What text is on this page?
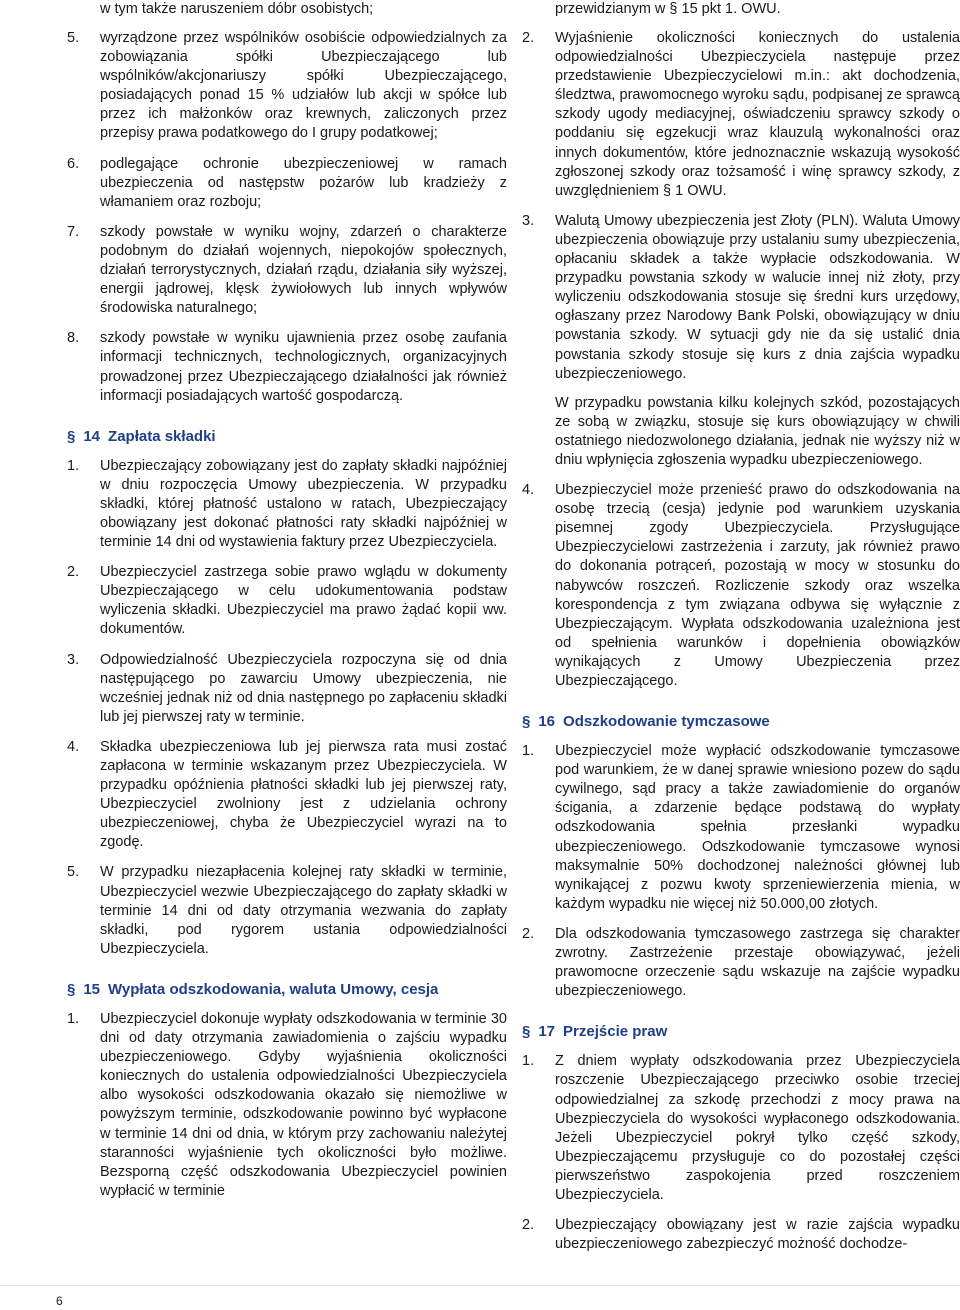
w tym także naruszeniem dóbr osobistych;

5.	wyrządzone przez wspólników osobiście odpowiedzialnych za zobowiązania spółki Ubezpieczającego lub wspólników/akcjonariuszy spółki Ubezpieczającego, posiadających ponad 15 % udziałów lub akcji w spółce lub przez ich małżonków oraz krewnych, zaliczonych przez przepisy prawa podatkowego do I grupy podatkowej;
6.	podlegające ochronie ubezpieczeniowej w ramach ubezpieczenia od następstw pożarów lub kradzieży z włamaniem oraz rozboju;
7.	szkody powstałe w wyniku wojny, zdarzeń o charakterze podobnym do działań wojennych, niepokojów społecznych, działań terrorystycznych, działań rządu, działania siły wyższej, energii jądrowej, klęsk żywiołowych lub innych wpływów środowiska naturalnego;
8.	szkody powstałe w wyniku ujawnienia przez osobę zaufania informacji technicznych, technologicznych, organizacyjnych prowadzonej przez Ubezpieczającego działalności jak również informacji posiadających wartość gospodarczą.
§ 14 Zapłata składki
1.	Ubezpieczający zobowiązany jest do zapłaty składki najpóźniej w dniu rozpoczęcia Umowy ubezpieczenia. W przypadku składki, której płatność ustalono w ratach, Ubezpieczający obowiązany jest dokonać płatności raty składki najpóźniej w terminie 14 dni od wystawienia faktury przez Ubezpieczyciela.
2.	Ubezpieczyciel zastrzega sobie prawo wglądu w dokumenty Ubezpieczającego w celu udokumentowania podstaw wyliczenia składki. Ubezpieczyciel ma prawo żądać kopii ww. dokumentów.
3.	Odpowiedzialność Ubezpieczyciela rozpoczyna się od dnia następującego po zawarciu Umowy ubezpieczenia, nie wcześniej jednak niż od dnia następnego po zapłaceniu składki lub jej pierwszej raty w terminie.
4.	Składka ubezpieczeniowa lub jej pierwsza rata musi zostać zapłacona w terminie wskazanym przez Ubezpieczyciela. W przypadku opóźnienia płatności składki lub jej pierwszej raty, Ubezpieczyciel zwolniony jest z udzielania ochrony ubezpieczeniowej, chyba że Ubezpieczyciel wyrazi na to zgodę.
5.	W przypadku niezapłacenia kolejnej raty składki w terminie, Ubezpieczyciel wezwie Ubezpieczającego do zapłaty składki w terminie 14 dni od daty otrzymania wezwania do zapłaty składki, pod rygorem ustania odpowiedzialności Ubezpieczyciela.
§ 15 Wypłata odszkodowania, waluta Umowy, cesja
1.	Ubezpieczyciel dokonuje wypłaty odszkodowania w terminie 30 dni od daty otrzymania zawiadomienia o zajściu wypadku ubezpieczeniowego. Gdyby wyjaśnienia okoliczności koniecznych do ustalenia odpowiedzialności Ubezpieczyciela albo wysokości odszkodowania okazało się niemożliwe w powyższym terminie, odszkodowanie powinno być wypłacone w terminie 14 dni od dnia, w którym przy zachowaniu należytej staranności wyjaśnienie tych okoliczności było możliwe. Bezsporną część odszkodowania Ubezpieczyciel powinien wypłacić w terminie

przewidzianym w § 15 pkt 1. OWU.

2.	Wyjaśnienie okoliczności koniecznych do ustalenia odpowiedzialności Ubezpieczyciela następuje przez przedstawienie Ubezpieczycielowi m.in.: akt dochodzenia, śledztwa, prawomocnego wyroku sądu, podpisanej ze sprawcą szkody ugody mediacyjnej, oświadczeniu sprawcy szkody o poddaniu się egzekucji wraz klauzulą wykonalności oraz innych dokumentów, które jednoznacznie wskazują wysokość zgłoszonej szkody oraz tożsamość i winę sprawcy szkody, z uwzględnieniem § 1 OWU.

3.	Walutą Umowy ubezpieczenia jest Złoty (PLN). Waluta Umowy ubezpieczenia obowiązuje przy ustalaniu sumy ubezpieczenia, opłacaniu składek a także wypłacie odszkodowania. W przypadku powstania szkody w walucie innej niż złoty, przy wyliczeniu odszkodowania stosuje się średni kurs urzędowy, ogłaszany przez Narodowy Bank Polski, obowiązujący w dniu powstania szkody. W sytuacji gdy nie da się ustalić dnia powstania szkody stosuje się kurs z dnia zajścia wypadku ubezpieczeniowego.

W przypadku powstania kilku kolejnych szkód, pozostających ze sobą w związku, stosuje się kurs obowiązujący w chwili ostatniego niedozwolonego działania, jednak nie wyższy niż w dniu wpłynięcia zgłoszenia wypadku ubezpieczeniowego.

4.	Ubezpieczyciel może przenieść prawo do odszkodowania na osobę trzecią (cesja) jedynie pod warunkiem uzyskania pisemnej zgody Ubezpieczyciela. Przysługujące Ubezpieczycielowi zastrzeżenia i zarzuty, jak również prawo do dokonania potrąceń, pozostają w mocy w stosunku do nabywców roszczeń. Rozliczenie szkody oraz wszelka korespondencja z tym związana odbywa się wyłącznie z Ubezpieczającym. Wypłata odszkodowania uzależniona jest od spełnienia warunków i dopełnienia obowiązków wynikających z Umowy Ubezpieczenia przez Ubezpieczającego.

§ 16 Odszkodowanie tymczasowe
1.	Ubezpieczyciel może wypłacić odszkodowanie tymczasowe pod warunkiem, że w danej sprawie wniesiono pozew do sądu cywilnego, sąd pracy a także zawiadomienie do organów ścigania, a zdarzenie będące podstawą do wypłaty odszkodowania spełnia przesłanki wypadku ubezpieczeniowego. Odszkodowanie tymczasowe wynosi maksymalnie 50% dochodzonej należności głównej lub wynikającej z pozwu kwoty sprzeniewierzenia mienia, w każdym wypadku nie więcej niż 50.000,00 złotych.

2.	Dla odszkodowania tymczasowego zastrzega się charakter zwrotny. Zastrzeżenie przestaje obowiązywać, jeżeli prawomocne orzeczenie sądu wskazuje na zajście wypadku ubezpieczeniowego.

§ 17 Przejście praw
1.	Z dniem wypłaty odszkodowania przez Ubezpieczyciela roszczenie Ubezpieczającego przeciwko osobie trzeciej odpowiedzialnej za szkodę przechodzi z mocy prawa na Ubezpieczyciela do wysokości wypłaconego odszkodowania. Jeżeli Ubezpieczyciel pokrył tylko część szkody, Ubezpieczającemu przysługuje co do pozostałej części pierwszeństwo zaspokojenia przed roszczeniem Ubezpieczyciela.

2.	Ubezpieczający obowiązany jest w razie zajścia wypadku ubezpieczeniowego zabezpieczyć możność dochodze-

6
